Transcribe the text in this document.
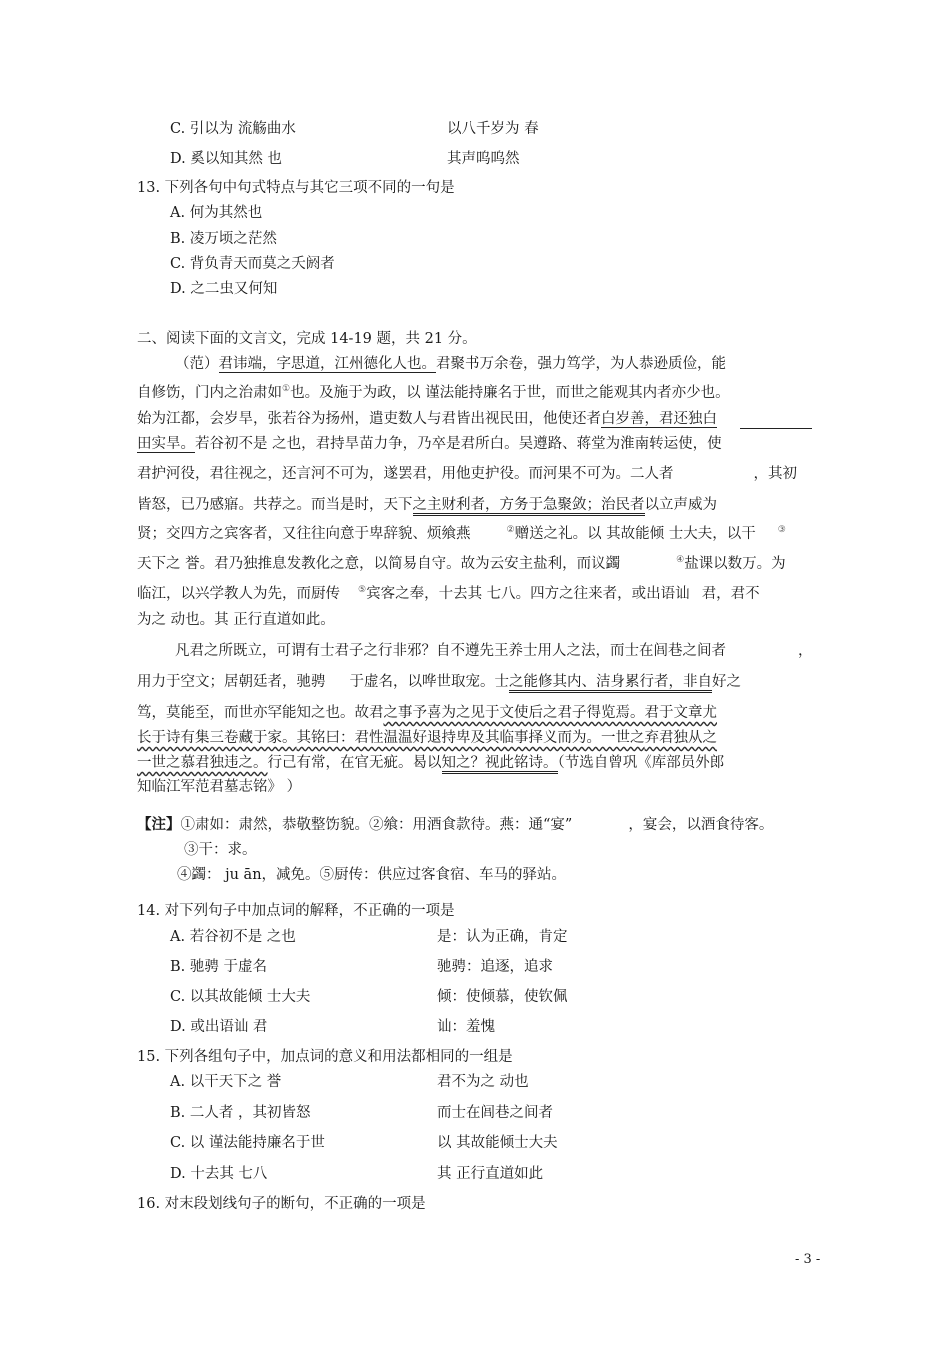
C. 引以为 流觞曲水	以八千岁为 春
D. 奚以知其然 也	其声呜呜然
13. 下列各句中句式特点与其它三项不同的一句是
A. 何为其然也
B. 凌万顷之茫然
C. 背负青天而莫之夭阏者
D. 之二虫又何知
二、阅读下面的文言文，完成 14-19 题，共 21 分。
（范）君讳端，字思道，江州德化人也。君聚书万余卷，强力笃学，为人恭逊质俭，能
自修饬，门内之治肃如①也。及施于为政，以 谨法能持廉名于世，而世之能观其内者亦少也。
始为江都，会岁旱，张若谷为扬州，遣吏数人与君皆出视民田，他使还者白岁善，君还独白
田实旱。若谷初不是 之也，君持旱苗力争，乃卒是君所白。吴遵路、蒋堂为淮南转运使，使
君护河役，君往视之，还言河不可为，遂罢君，用他吏护役。而河果不可为。二人者	，其初
皆怒，已乃感寤。共荐之。而当是时，天下之主财利者，方务于急聚敛；治民者以立声威为
贤；交四方之宾客者，又往往向意于卑辞貌、烦飨燕	②赠送之礼。以 其故能倾 士大夫，以干 ③
天下之 誉。君乃独推息发教化之意，以简易自守。故为云安主盐利，而议蠲	④盐课以数万。为
临江，以兴学教人为先，而厨传 ⑤宾客之奉，十去其 七八。四方之往来者，或出语讪 君，君不
为之 动也。其 正行直道如此。
凡君之所既立，可谓有士君子之行非邪？自不遵先王养士用人之法，而士在闾巷之间者	，
用力于空文；居朝廷者，驰骋 于虚名，以哗世取宠。士之能修其内、洁身累行者，非自好之
笃，莫能至，而世亦罕能知之也。故君之事予喜为之见于文使后之君子得览焉。君于文章尤
长于诗有集三卷藏于家。其铭曰：君性温温好退持卑及其临事择义而为。一世之弃君独从之
一世之慕君独违之。行己有常，在官无疵。曷以知之？视此铭诗。（节选自曾巩《库部员外郎
知临江军范君墓志铭》 ）
【注】①肃如：肃然，恭敬整饬貌。②飨：用酒食款待。燕：通“宴”	，宴会，以酒食待客。
③干：求。
④蠲： ju ān，减免。⑤厨传：供应过客食宿、车马的驿站。
14. 对下列句子中加点词的解释，不正确的一项是
A. 若谷初不是 之也	是：认为正确，肯定
B. 驰骋 于虚名	驰骋：追逐，追求
C. 以其故能倾 士大夫	倾：使倾慕，使钦佩
D. 或出语讪 君	讪：羞愧
15. 下列各组句子中，加点词的意义和用法都相同的一组是
A. 以干天下之 誉	君不为之 动也
B. 二人者 ，其初皆怒	而士在闾巷之间者
C. 以 谨法能持廉名于世	以 其故能倾士大夫
D. 十去其 七八	其 正行直道如此
16. 对末段划线句子的断句，不正确的一项是
- 3 -
